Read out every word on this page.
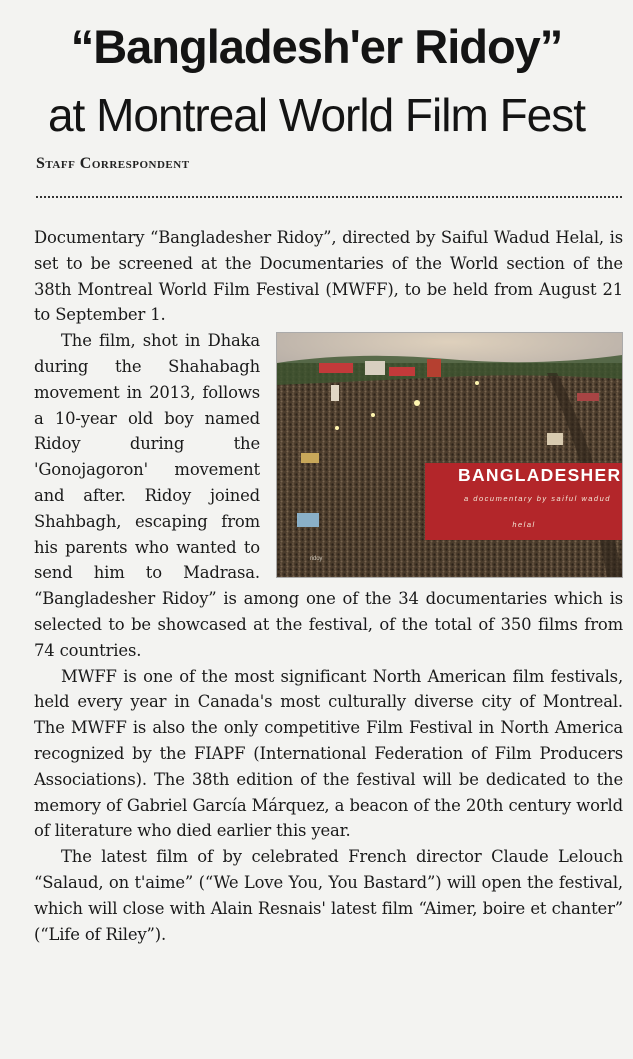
“Bangladesh'er Ridoy”
at Montreal World Film Fest
Staff Correspondent

Documentary “Bangladesher Ridoy”, directed by Saiful Wadud Helal, is set to be screened at the Documentaries of the World section of the 38th Montreal World Film Festival (MWFF), to be held from August 21 to September 1.

BANGLADESHER
a documentary by saiful wadud helal
ridoy
The film, shot in Dhaka during the Shahabagh movement in 2013, follows a 10-year old boy named Ridoy during the 'Gonojagoron' movement and after. Ridoy joined Shahbagh, escaping from his parents who wanted to send him to Madrasa. “Bangladesher Ridoy” is among one of the 34 documentaries which is selected to be showcased at the festival, of the total of 350 films from 74 countries.

MWFF is one of the most significant North American film festivals, held every year in Canada's most culturally diverse city of Montreal. The MWFF is also the only competitive Film Festival in North America recognized by the FIAPF (International Federation of Film Producers Associations). The 38th edition of the festival will be dedicated to the memory of Gabriel García Márquez, a beacon of the 20th century world of literature who died earlier this year.

The latest film of by celebrated French director Claude Lelouch “Salaud, on t'aime” (“We Love You, You Bastard”) will open the festival, which will close with Alain Resnais' latest film “Aimer, boire et chanter” (“Life of Riley”).
